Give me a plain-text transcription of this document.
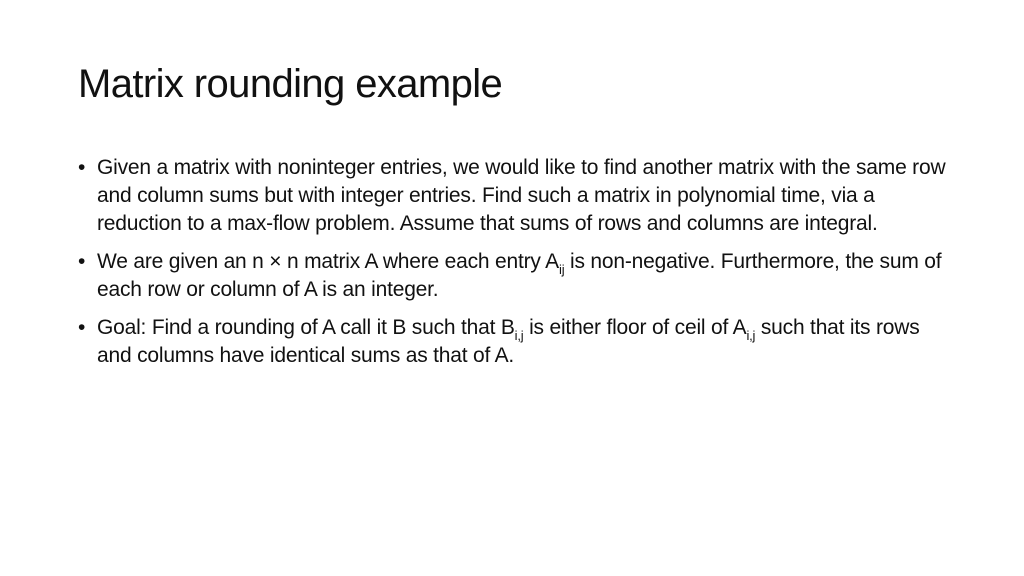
Matrix rounding example
• Given a matrix with noninteger entries, we would like to find another matrix with the same row and column sums but with integer entries. Find such a matrix in polynomial time, via a reduction to a max-flow problem. Assume that sums of rows and columns are integral.
• We are given an n × n matrix A where each entry $A_{ij}$ is non-negative. Furthermore, the sum of each row or column of A is an integer.
• Goal: Find a rounding of A call it B such that $B_{i,j}$ is either floor of ceil of $A_{i,j}$ such that its rows and columns have identical sums as that of A.
